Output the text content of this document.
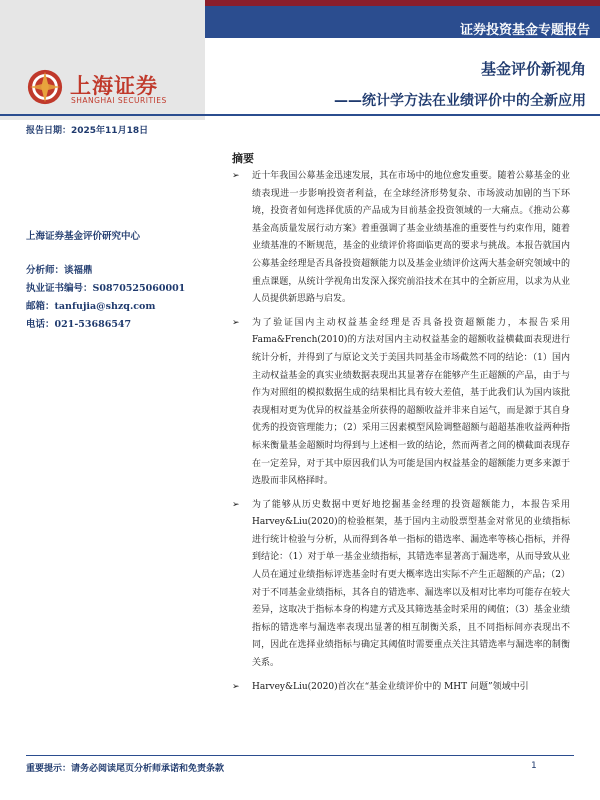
证券投资基金专题报告
上海证券
SHANGHAI SECURITIES
基金评价新视角
——统计学方法在业绩评价中的全新应用
报告日期：2025年11月18日
上海证券基金评价研究中心
分析师：谈福鼎
执业证书编号：S0870525060001
邮箱：tanfujia@shzq.com
电话：021-53686547
摘要
➢ 近十年我国公募基金迅速发展，其在市场中的地位愈发重要。随着公募基金的业绩表现进一步影响投资者利益，在全球经济形势复杂、市场波动加剧的当下环境，投资者如何选择优质的产品成为目前基金投资领域的一大痛点。《推动公募基金高质量发展行动方案》着重强调了基金业绩基准的重要性与约束作用，随着业绩基准的不断规范，基金的业绩评价将面临更高的要求与挑战。本报告就国内公募基金经理是否具备投资超额能力以及基金业绩评价这两大基金研究领域中的重点课题，从统计学视角出发深入探究前沿技术在其中的全新应用，以求为从业人员提供新思路与启发。
➢ 为了验证国内主动权益基金经理是否具备投资超额能力，本报告采用 Fama&French(2010)的方法对国内主动权益基金的超额收益横截面表现进行统计分析，并得到了与原论文关于美国共同基金市场截然不同的结论：（1）国内主动权益基金的真实业绩数据表现出其显著存在能够产生正超额的产品，由于与作为对照组的模拟数据生成的结果相比具有较大差值，基于此我们认为国内该批表现相对更为优异的权益基金所获得的超额收益并非来自运气，而是源于其自身优秀的投资管理能力；（2）采用三因素模型风险调整超额与超超基准收益两种指标来衡量基金超额时均得到与上述相一致的结论，然而两者之间的横截面表现存在一定差异，对于其中原因我们认为可能是国内权益基金的超额能力更多来源于选股而非风格择时。
➢ 为了能够从历史数据中更好地挖掘基金经理的投资超额能力，本报告采用 Harvey&Liu(2020)的检验框架，基于国内主动股票型基金对常见的业绩指标进行统计检验与分析，从而得到各单一指标的错选率、漏选率等核心指标，并得到结论：（1）对于单一基金业绩指标，其错选率显著高于漏选率，从而导致从业人员在通过业绩指标评选基金时有更大概率选出实际不产生正超额的产品；（2）对于不同基金业绩指标，其各自的错选率、漏选率以及相对比率均可能存在较大差异，这取决于指标本身的构建方式及其筛选基金时采用的阈值；（3）基金业绩指标的错选率与漏选率表现出显著的相互制衡关系，且不同指标间亦表现出不同，因此在选择业绩指标与确定其阈值时需要重点关注其错选率与漏选率的制衡关系。
➢ Harvey&Liu(2020)首次在“基金业绩评价中的 MHT 问题”领域中引
重要提示：请务必阅读尾页分析师承诺和免责条款	1
